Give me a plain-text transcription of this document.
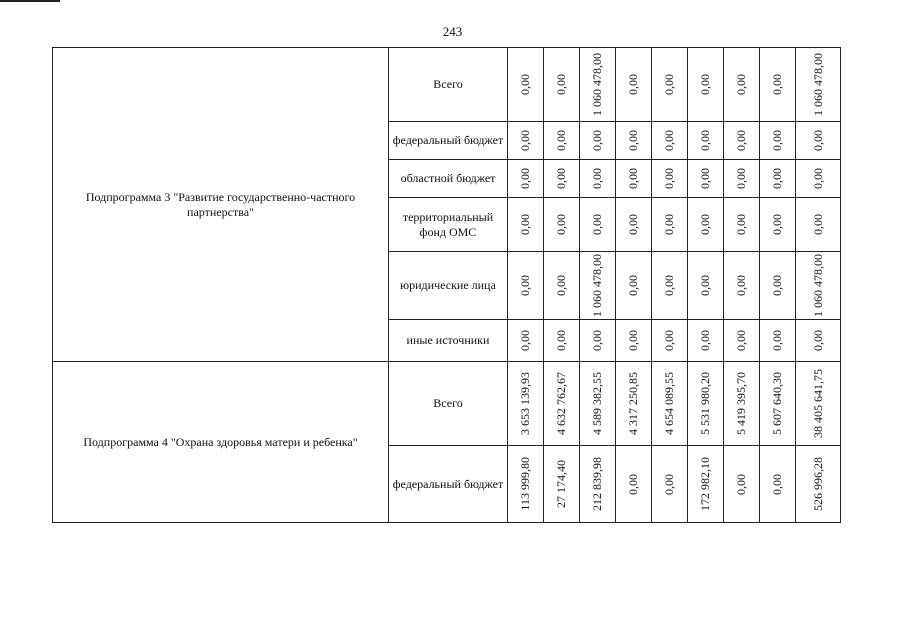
243
Подпрограмма 3 "Развитие государственно-частного партнерства"	Всего	0,00	0,00	1 060 478,00	0,00	0,00	0,00	0,00	0,00	1 060 478,00

	федеральный бюджет	0,00	0,00	0,00	0,00	0,00	0,00	0,00	0,00	0,00

	областной бюджет	0,00	0,00	0,00	0,00	0,00	0,00	0,00	0,00	0,00

	территориальный фонд ОМС	0,00	0,00	0,00	0,00	0,00	0,00	0,00	0,00	0,00

	юридические лица	0,00	0,00	1 060 478,00	0,00	0,00	0,00	0,00	0,00	1 060 478,00

	иные источники	0,00	0,00	0,00	0,00	0,00	0,00	0,00	0,00	0,00

Подпрограмма 4 "Охрана здоровья матери и ребенка"	Всего	3 653 139,93	4 632 762,67	4 589 382,55	4 317 250,85	4 654 089,55	5 531 980,20	5 419 395,70	5 607 640,30	38 405 641,75

	федеральный бюджет	113 999,80	27 174,40	212 839,98	0,00	0,00	172 982,10	0,00	0,00	526 996,28
